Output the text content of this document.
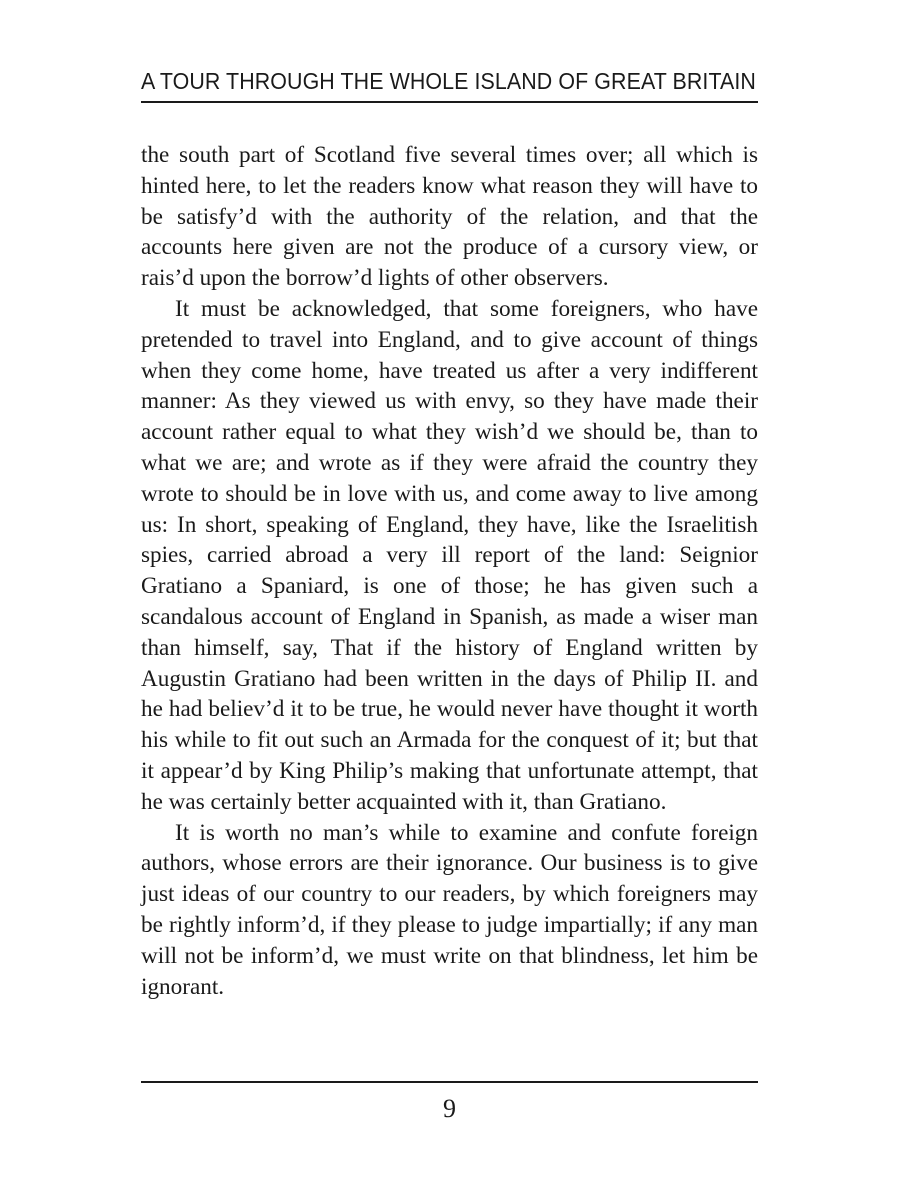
A TOUR THROUGH THE WHOLE ISLAND OF GREAT BRITAIN

the south part of Scotland five several times over; all which is hinted here, to let the readers know what reason they will have to be satisfy’d with the authority of the relation, and that the accounts here given are not the produce of a cursory view, or rais’d upon the borrow’d lights of other observers.

It must be acknowledged, that some foreigners, who have pretended to travel into England, and to give account of things when they come home, have treated us after a very indifferent manner: As they viewed us with envy, so they have made their account rather equal to what they wish’d we should be, than to what we are; and wrote as if they were afraid the country they wrote to should be in love with us, and come away to live among us: In short, speaking of England, they have, like the Israelitish spies, carried abroad a very ill report of the land: Seignior Gratiano a Spaniard, is one of those; he has given such a scandalous account of England in Spanish, as made a wiser man than himself, say, That if the history of England written by Augustin Gratiano had been written in the days of Philip II. and he had believ’d it to be true, he would never have thought it worth his while to fit out such an Armada for the conquest of it; but that it appear’d by King Philip’s making that unfortunate attempt, that he was certainly better acquainted with it, than Gratiano.

It is worth no man’s while to examine and confute foreign authors, whose errors are their ignorance. Our business is to give just ideas of our country to our readers, by which foreigners may be rightly inform’d, if they please to judge impartially; if any man will not be inform’d, we must write on that blindness, let him be ignorant.

9
